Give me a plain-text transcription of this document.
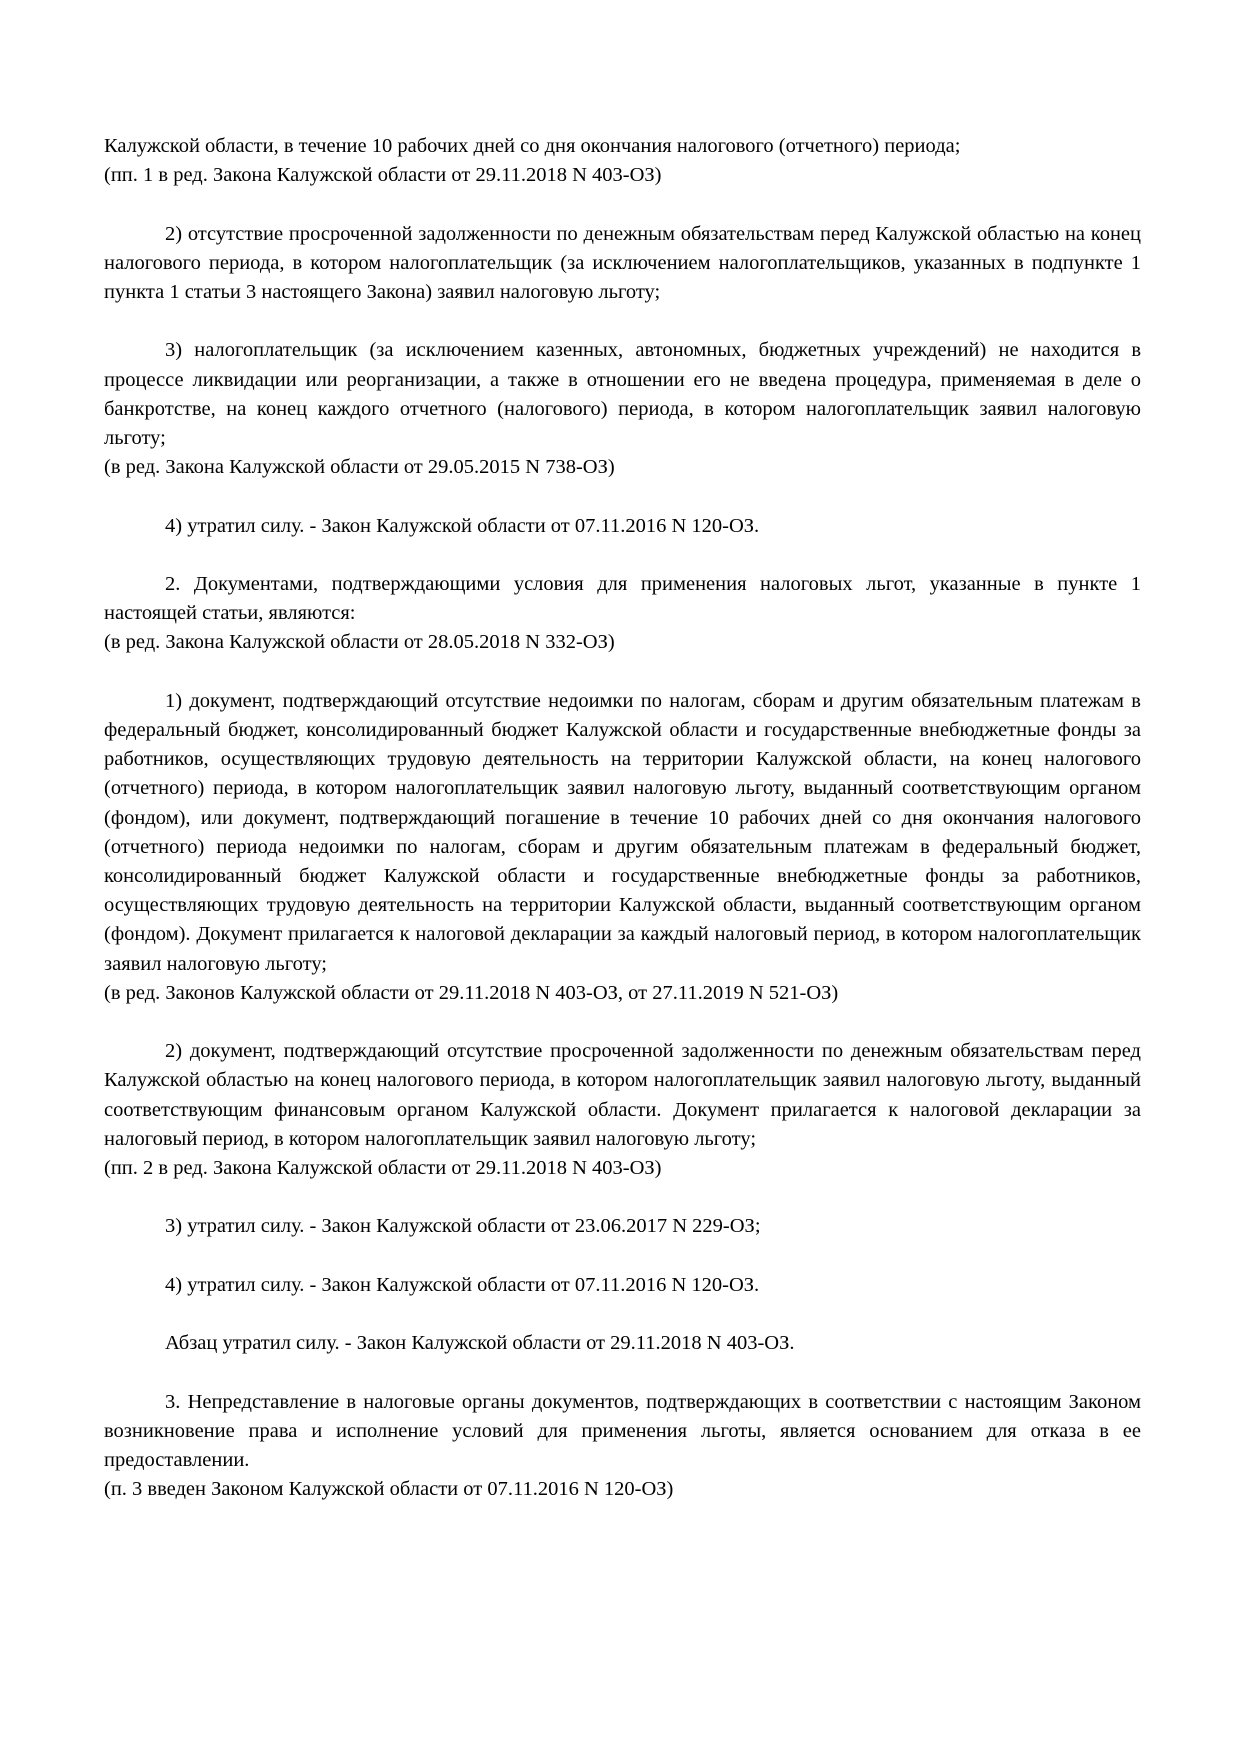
Калужской области, в течение 10 рабочих дней со дня окончания налогового (отчетного) периода;

(пп. 1 в ред. Закона Калужской области от 29.11.2018 N 403-ОЗ)

2) отсутствие просроченной задолженности по денежным обязательствам перед Калужской областью на конец налогового периода, в котором налогоплательщик (за исключением налогоплательщиков, указанных в подпункте 1 пункта 1 статьи 3 настоящего Закона) заявил налоговую льготу;

3) налогоплательщик (за исключением казенных, автономных, бюджетных учреждений) не находится в процессе ликвидации или реорганизации, а также в отношении его не введена процедура, применяемая в деле о банкротстве, на конец каждого отчетного (налогового) периода, в котором налогоплательщик заявил налоговую льготу;

(в ред. Закона Калужской области от 29.05.2015 N 738-ОЗ)

4) утратил силу. - Закон Калужской области от 07.11.2016 N 120-ОЗ.

2. Документами, подтверждающими условия для применения налоговых льгот, указанные в пункте 1 настоящей статьи, являются:

(в ред. Закона Калужской области от 28.05.2018 N 332-ОЗ)

1) документ, подтверждающий отсутствие недоимки по налогам, сборам и другим обязательным платежам в федеральный бюджет, консолидированный бюджет Калужской области и государственные внебюджетные фонды за работников, осуществляющих трудовую деятельность на территории Калужской области, на конец налогового (отчетного) периода, в котором налогоплательщик заявил налоговую льготу, выданный соответствующим органом (фондом), или документ, подтверждающий погашение в течение 10 рабочих дней со дня окончания налогового (отчетного) периода недоимки по налогам, сборам и другим обязательным платежам в федеральный бюджет, консолидированный бюджет Калужской области и государственные внебюджетные фонды за работников, осуществляющих трудовую деятельность на территории Калужской области, выданный соответствующим органом (фондом). Документ прилагается к налоговой декларации за каждый налоговый период, в котором налогоплательщик заявил налоговую льготу;

(в ред. Законов Калужской области от 29.11.2018 N 403-ОЗ, от 27.11.2019 N 521-ОЗ)

2) документ, подтверждающий отсутствие просроченной задолженности по денежным обязательствам перед Калужской областью на конец налогового периода, в котором налогоплательщик заявил налоговую льготу, выданный соответствующим финансовым органом Калужской области. Документ прилагается к налоговой декларации за налоговый период, в котором налогоплательщик заявил налоговую льготу;

(пп. 2 в ред. Закона Калужской области от 29.11.2018 N 403-ОЗ)

3) утратил силу. - Закон Калужской области от 23.06.2017 N 229-ОЗ;

4) утратил силу. - Закон Калужской области от 07.11.2016 N 120-ОЗ.

Абзац утратил силу. - Закон Калужской области от 29.11.2018 N 403-ОЗ.

3. Непредставление в налоговые органы документов, подтверждающих в соответствии с настоящим Законом возникновение права и исполнение условий для применения льготы, является основанием для отказа в ее предоставлении.

(п. 3 введен Законом Калужской области от 07.11.2016 N 120-ОЗ)
